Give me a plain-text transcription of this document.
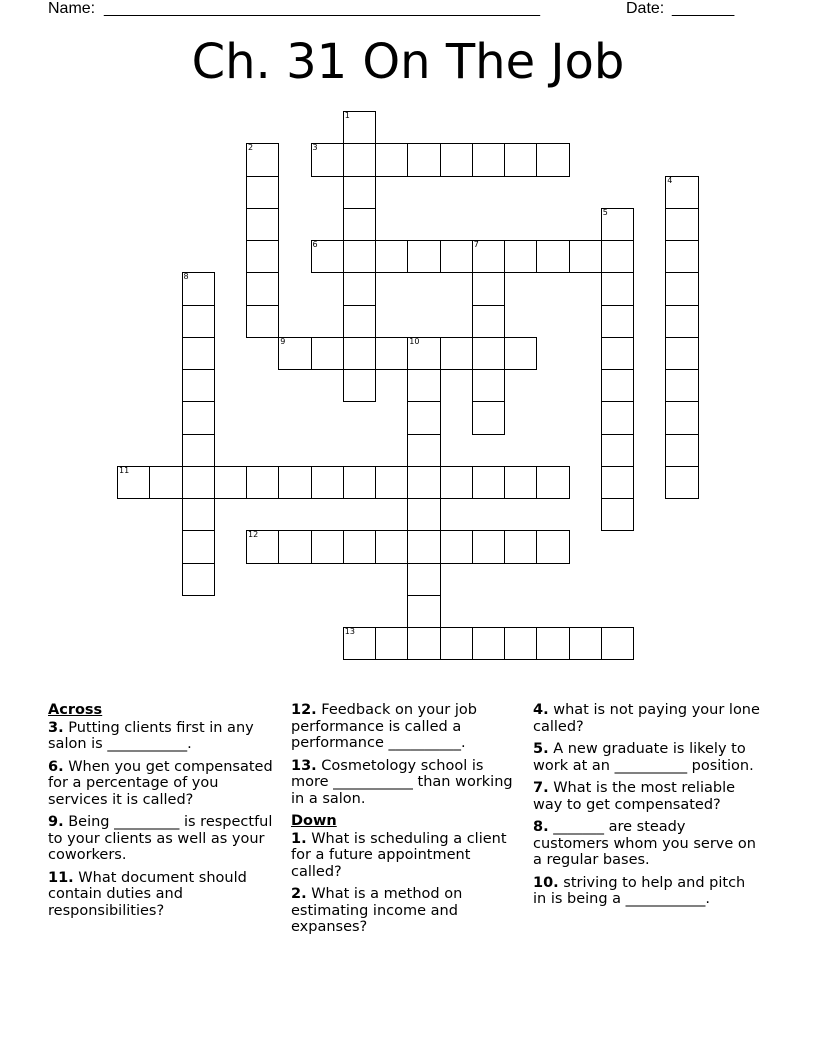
Name:

_________________________________________________

	Date:

_______

Ch. 31 On The Job
1
2	3
4
5
6	7
8
9	10
11
12
13
Across
3. Putting clients first in any salon is ___________.
6. When you get compensated for a percentage of you services it is called?
9. Being _________ is respectful to your clients as well as your coworkers.
11. What document should contain duties and responsibilities?
12. Feedback on your job performance is called a performance __________.
13. Cosmetology school is more ___________ than working in a salon.
Down
1. What is scheduling a client for a future appointment called?
2. What is a method on estimating income and expanses?
4. what is not paying your lone called?
5. A new graduate is likely to work at an __________ position.
7. What is the most reliable way to get compensated?
8. _______ are steady customers whom you serve on a regular bases.
10. striving to help and pitch in is being a ___________.
